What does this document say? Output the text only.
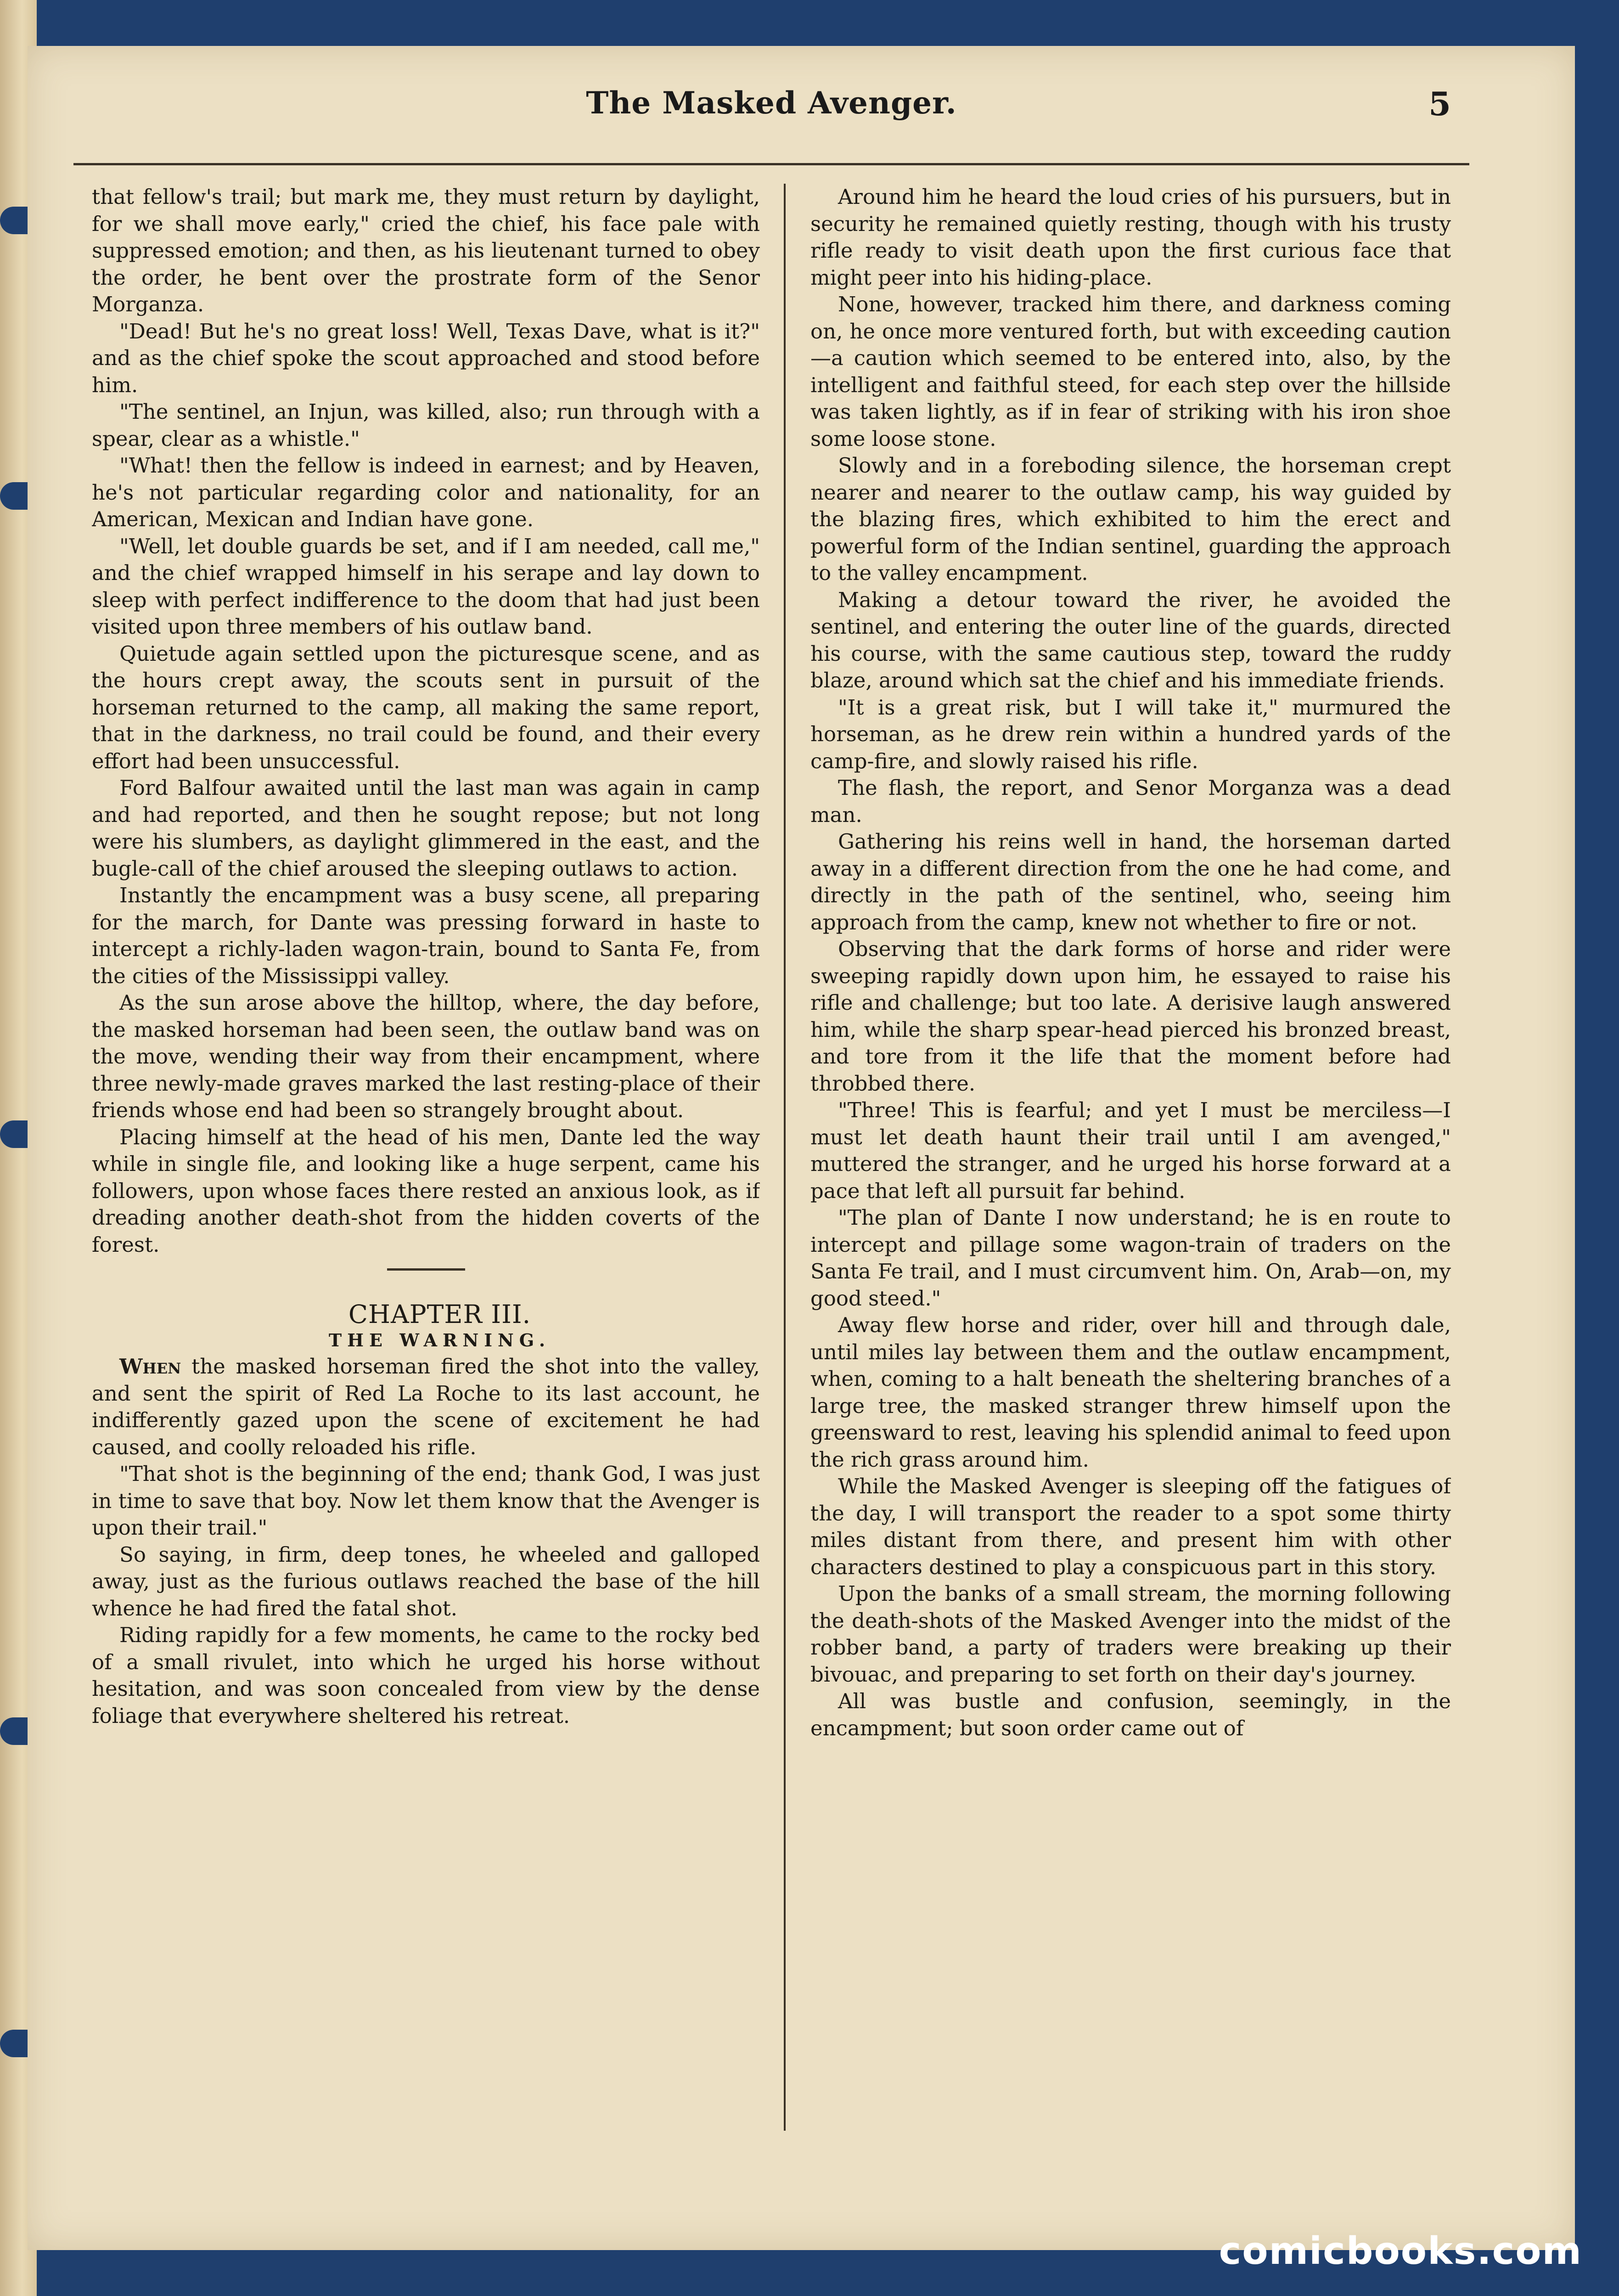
The Masked Avenger.	5

that fellow's trail; but mark me, they must return by daylight, for we shall move early," cried the chief, his face pale with suppressed emotion; and then, as his lieutenant turned to obey the order, he bent over the prostrate form of the Senor Morganza.

"Dead! But he's no great loss! Well, Texas Dave, what is it?" and as the chief spoke the scout approached and stood before him.

"The sentinel, an Injun, was killed, also; run through with a spear, clear as a whistle."

"What! then the fellow is indeed in earnest; and by Heaven, he's not particular regarding color and nationality, for an American, Mexican and Indian have gone.

"Well, let double guards be set, and if I am needed, call me," and the chief wrapped himself in his serape and lay down to sleep with perfect indifference to the doom that had just been visited upon three members of his outlaw band.

Quietude again settled upon the picturesque scene, and as the hours crept away, the scouts sent in pursuit of the horseman returned to the camp, all making the same report, that in the darkness, no trail could be found, and their every effort had been unsuccessful.

Ford Balfour awaited until the last man was again in camp and had reported, and then he sought repose; but not long were his slumbers, as daylight glimmered in the east, and the bugle-call of the chief aroused the sleeping outlaws to action.

Instantly the encampment was a busy scene, all preparing for the march, for Dante was pressing forward in haste to intercept a richly-laden wagon-train, bound to Santa Fe, from the cities of the Mississippi valley.

As the sun arose above the hilltop, where, the day before, the masked horseman had been seen, the outlaw band was on the move, wending their way from their encampment, where three newly-made graves marked the last resting-place of their friends whose end had been so strangely brought about.

Placing himself at the head of his men, Dante led the way while in single file, and looking like a huge serpent, came his followers, upon whose faces there rested an anxious look, as if dreading another death-shot from the hidden coverts of the forest.

CHAPTER III.

THE WARNING.

When the masked horseman fired the shot into the valley, and sent the spirit of Red La Roche to its last account, he indifferently gazed upon the scene of excitement he had caused, and coolly reloaded his rifle.

"That shot is the beginning of the end; thank God, I was just in time to save that boy. Now let them know that the Avenger is upon their trail."

So saying, in firm, deep tones, he wheeled and galloped away, just as the furious outlaws reached the base of the hill whence he had fired the fatal shot.

Riding rapidly for a few moments, he came to the rocky bed of a small rivulet, into which he urged his horse without hesitation, and was soon concealed from view by the dense foliage that everywhere sheltered his retreat.

Around him he heard the loud cries of his pursuers, but in security he remained quietly resting, though with his trusty rifle ready to visit death upon the first curious face that might peer into his hiding-place.

None, however, tracked him there, and darkness coming on, he once more ventured forth, but with exceeding caution—a caution which seemed to be entered into, also, by the intelligent and faithful steed, for each step over the hillside was taken lightly, as if in fear of striking with his iron shoe some loose stone.

Slowly and in a foreboding silence, the horseman crept nearer and nearer to the outlaw camp, his way guided by the blazing fires, which exhibited to him the erect and powerful form of the Indian sentinel, guarding the approach to the valley encampment.

Making a detour toward the river, he avoided the sentinel, and entering the outer line of the guards, directed his course, with the same cautious step, toward the ruddy blaze, around which sat the chief and his immediate friends.

"It is a great risk, but I will take it," murmured the horseman, as he drew rein within a hundred yards of the camp-fire, and slowly raised his rifle.

The flash, the report, and Senor Morganza was a dead man.

Gathering his reins well in hand, the horseman darted away in a different direction from the one he had come, and directly in the path of the sentinel, who, seeing him approach from the camp, knew not whether to fire or not.

Observing that the dark forms of horse and rider were sweeping rapidly down upon him, he essayed to raise his rifle and challenge; but too late. A derisive laugh answered him, while the sharp spear-head pierced his bronzed breast, and tore from it the life that the moment before had throbbed there.

"Three! This is fearful; and yet I must be merciless—I must let death haunt their trail until I am avenged," muttered the stranger, and he urged his horse forward at a pace that left all pursuit far behind.

"The plan of Dante I now understand; he is en route to intercept and pillage some wagon-train of traders on the Santa Fe trail, and I must circumvent him. On, Arab—on, my good steed."

Away flew horse and rider, over hill and through dale, until miles lay between them and the outlaw encampment, when, coming to a halt beneath the sheltering branches of a large tree, the masked stranger threw himself upon the greensward to rest, leaving his splendid animal to feed upon the rich grass around him.

While the Masked Avenger is sleeping off the fatigues of the day, I will transport the reader to a spot some thirty miles distant from there, and present him with other characters destined to play a conspicuous part in this story.

Upon the banks of a small stream, the morning following the death-shots of the Masked Avenger into the midst of the robber band, a party of traders were breaking up their bivouac, and preparing to set forth on their day's journey.

All was bustle and confusion, seemingly, in the encampment; but soon order came out of

comicbooks.com
